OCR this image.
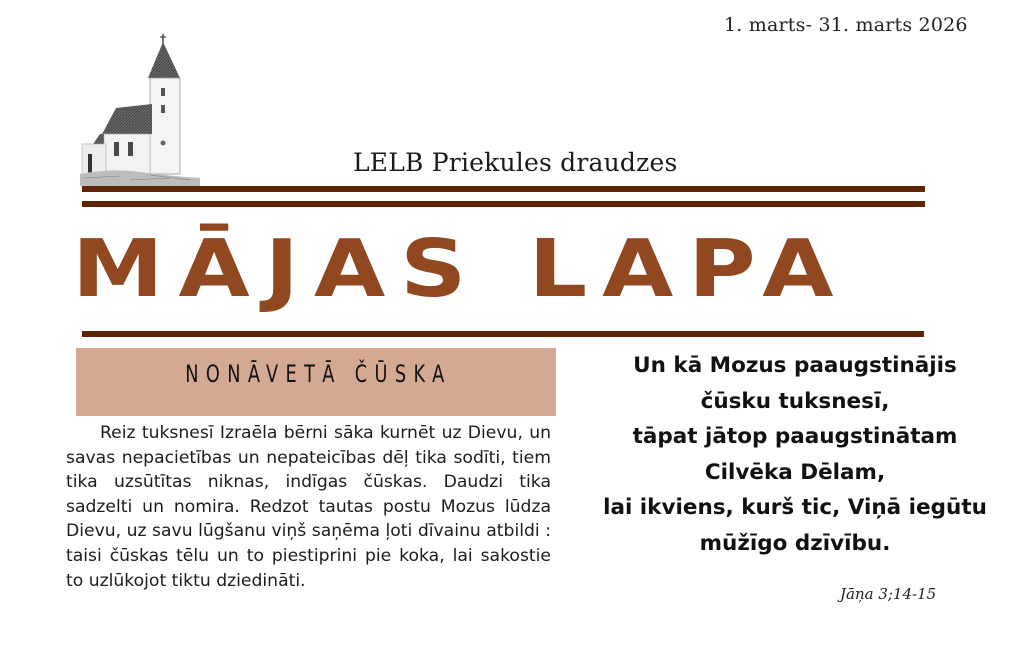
1. marts- 31. marts 2026
LELB Priekules draudzes
MĀJAS LAPA
NONĀVETĀ ČŪSKA
Reiz tuksnesī Izraēla bērni sāka kurnēt uz Dievu, un savas nepacietības un nepateicības dēļ tika sodīti, tiem tika uzsūtītas niknas, indīgas čūskas. Daudzi tika sadzelti un nomira. Redzot tautas postu Mozus lūdza Dievu, uz savu lūgšanu viņš saņēma ļoti dīvainu atbildi : taisi čūskas tēlu un to piestiprini pie koka, lai sakostie to uzlūkojot tiktu dziedināti.
Un kā Mozus paaugstinājis
čūsku tuksnesī,
tāpat jātop paaugstinātam
Cilvēka Dēlam,
lai ikviens, kurš tic, Viņā iegūtu
mūžīgo dzīvību.
Jāņa 3;14-15
